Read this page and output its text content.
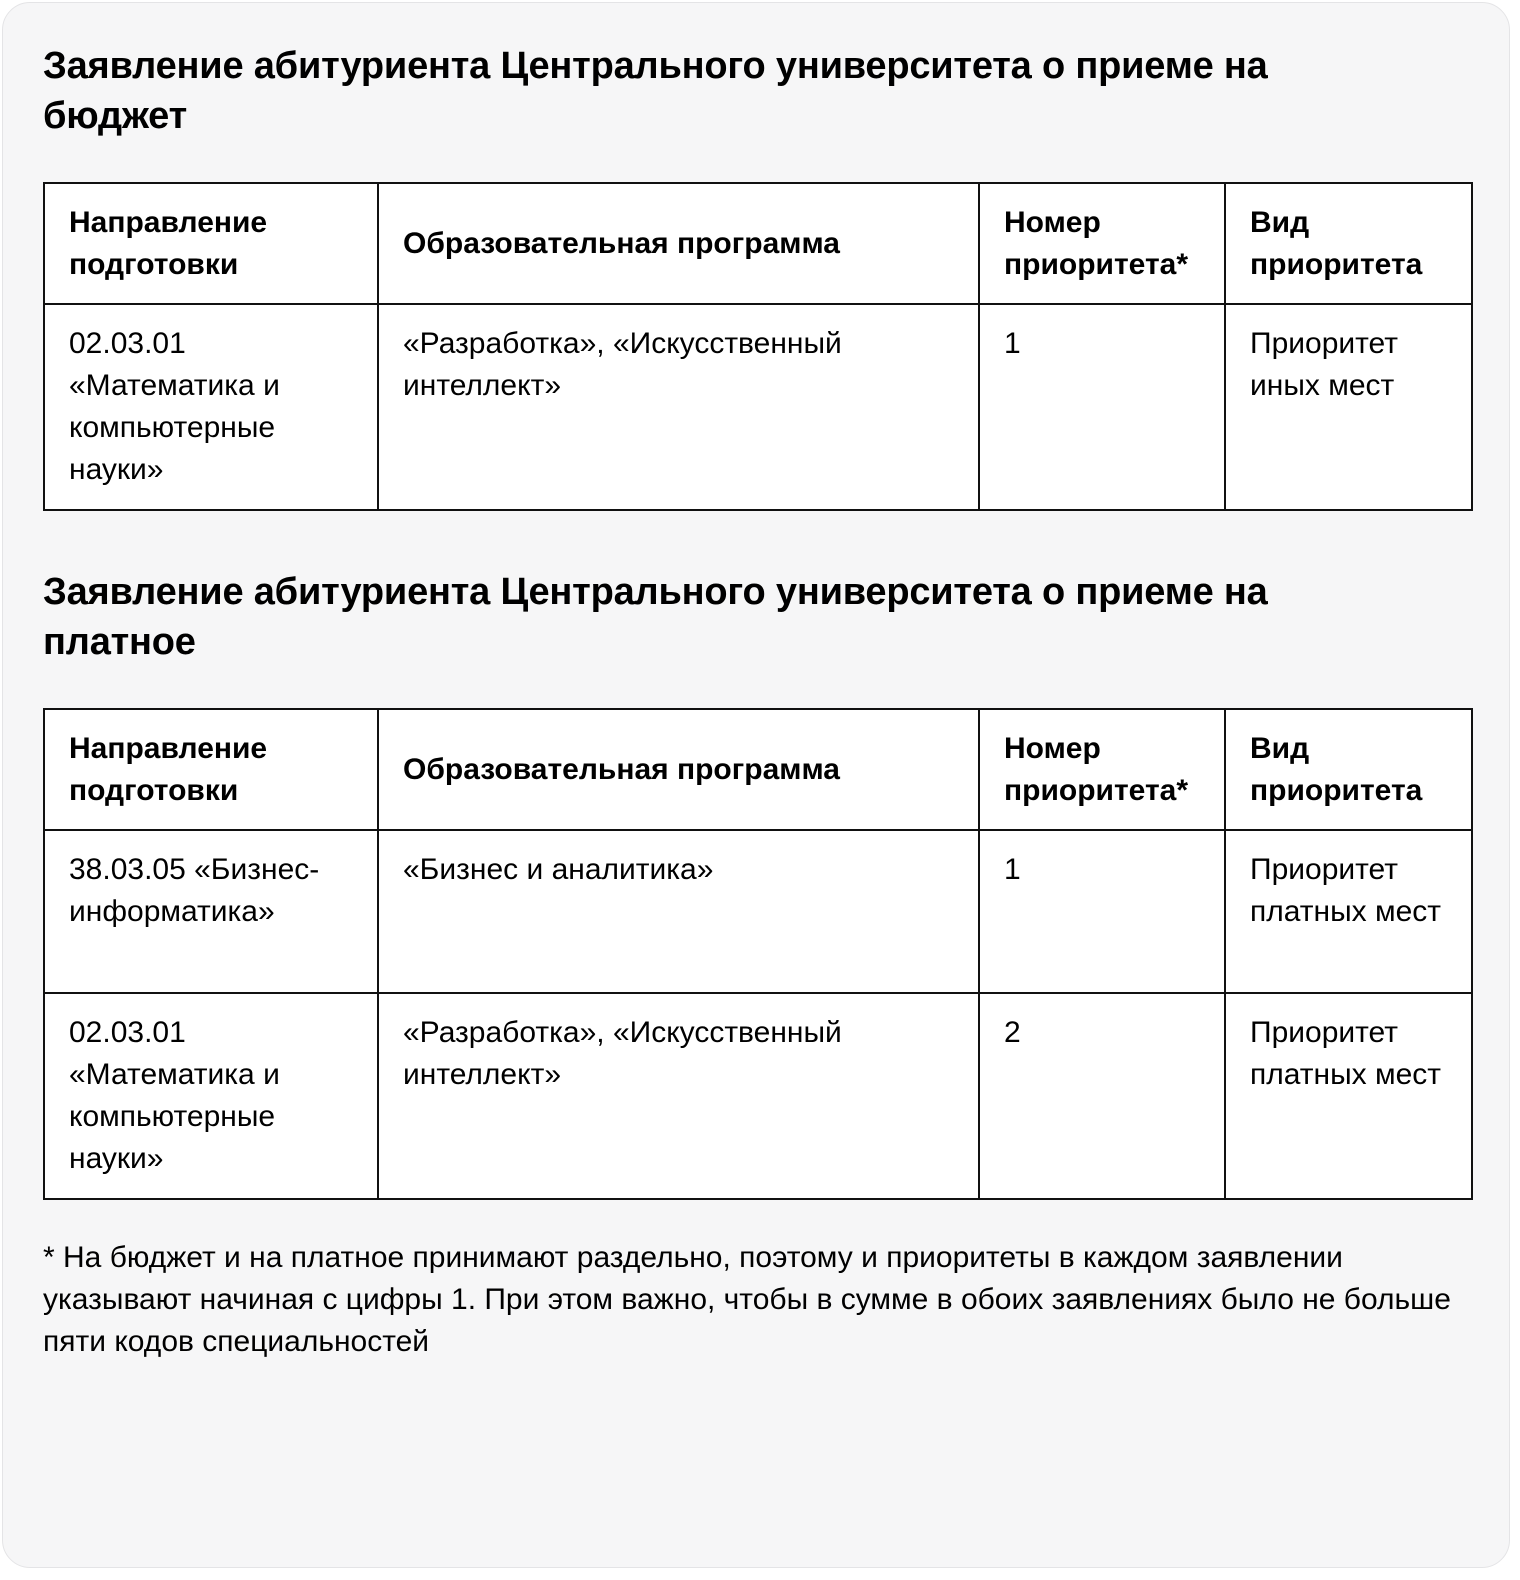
Заявление абитуриента Центрального университета о приеме на бюджет
Направление подготовки	Образовательная программа	Номер приоритета*	Вид приоритета
02.03.01 «Математика и компьютерные науки»	«Разработка», «Искусственный интеллект»	1	Приоритет иных мест
Заявление абитуриента Центрального университета о приеме на платное
Направление подготовки	Образовательная программа	Номер приоритета*	Вид приоритета
38.03.05 «Бизнес-информатика»	«Бизнес и аналитика»	1	Приоритет платных мест
02.03.01 «Математика и компьютерные науки»	«Разработка», «Искусственный интеллект»	2	Приоритет платных мест

* На бюджет и на платное принимают раздельно, поэтому и приоритеты в каждом заявлении указывают начиная с цифры 1. При этом важно, чтобы в сумме в обоих заявлениях было не больше пяти кодов специальностей
